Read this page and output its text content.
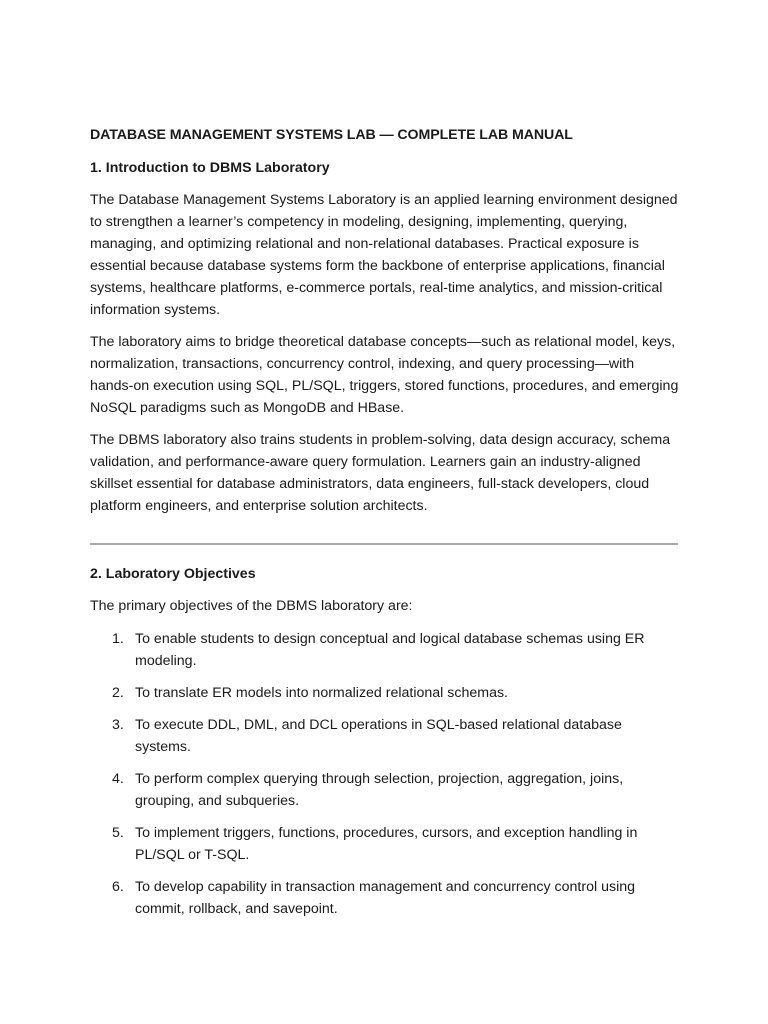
DATABASE MANAGEMENT SYSTEMS LAB — COMPLETE LAB MANUAL
1. Introduction to DBMS Laboratory

The Database Management Systems Laboratory is an applied learning environment designed to strengthen a learner’s competency in modeling, designing, implementing, querying, managing, and optimizing relational and non-relational databases. Practical exposure is essential because database systems form the backbone of enterprise applications, financial systems, healthcare platforms, e-commerce portals, real-time analytics, and mission-critical information systems.

The laboratory aims to bridge theoretical database concepts—such as relational model, keys, normalization, transactions, concurrency control, indexing, and query processing—with hands-on execution using SQL, PL/SQL, triggers, stored functions, procedures, and emerging NoSQL paradigms such as MongoDB and HBase.

The DBMS laboratory also trains students in problem-solving, data design accuracy, schema validation, and performance-aware query formulation. Learners gain an industry-aligned skillset essential for database administrators, data engineers, full-stack developers, cloud platform engineers, and enterprise solution architects.

2. Laboratory Objectives

The primary objectives of the DBMS laboratory are:

1. To enable students to design conceptual and logical database schemas using ER modeling.
2. To translate ER models into normalized relational schemas.
3. To execute DDL, DML, and DCL operations in SQL-based relational database systems.
4. To perform complex querying through selection, projection, aggregation, joins, grouping, and subqueries.
5. To implement triggers, functions, procedures, cursors, and exception handling in PL/SQL or T-SQL.
6. To develop capability in transaction management and concurrency control using commit, rollback, and savepoint.
